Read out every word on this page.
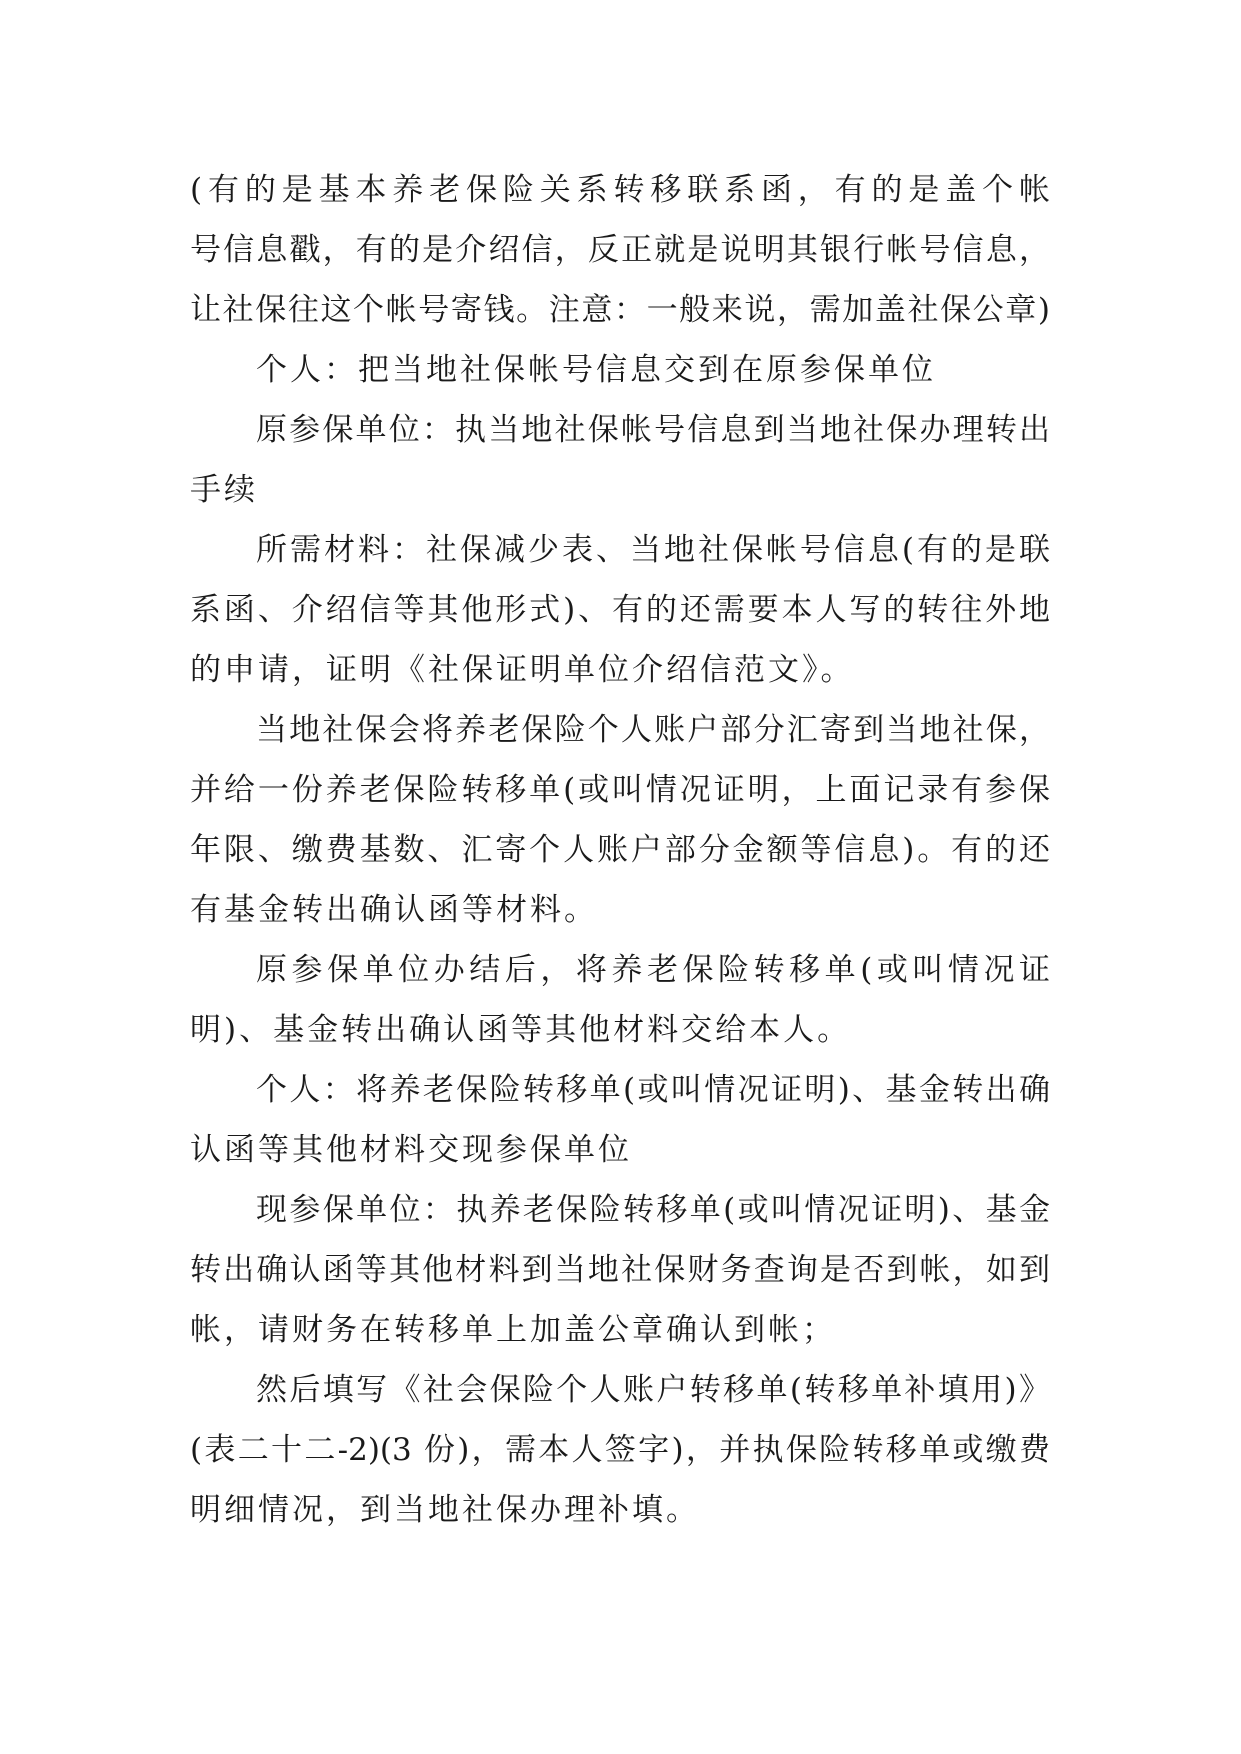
(有的是基本养老保险关系转移联系函，有的是盖个帐
号信息戳，有的是介绍信，反正就是说明其银行帐号信息，
让社保往这个帐号寄钱。注意：一般来说，需加盖社保公章)
个人：把当地社保帐号信息交到在原参保单位
原参保单位：执当地社保帐号信息到当地社保办理转出
手续
所需材料：社保减少表、当地社保帐号信息(有的是联
系函、介绍信等其他形式)、有的还需要本人写的转往外地
的申请，证明《社保证明单位介绍信范文》。
当地社保会将养老保险个人账户部分汇寄到当地社保，
并给一份养老保险转移单(或叫情况证明，上面记录有参保
年限、缴费基数、汇寄个人账户部分金额等信息)。有的还
有基金转出确认函等材料。
原参保单位办结后，将养老保险转移单(或叫情况证
明)、基金转出确认函等其他材料交给本人。
个人：将养老保险转移单(或叫情况证明)、基金转出确
认函等其他材料交现参保单位
现参保单位：执养老保险转移单(或叫情况证明)、基金
转出确认函等其他材料到当地社保财务查询是否到帐，如到
帐，请财务在转移单上加盖公章确认到帐；
然后填写《社会保险个人账户转移单(转移单补填用)》
(表二十二-2)(3 份)，需本人签字)，并执保险转移单或缴费
明细情况，到当地社保办理补填。
